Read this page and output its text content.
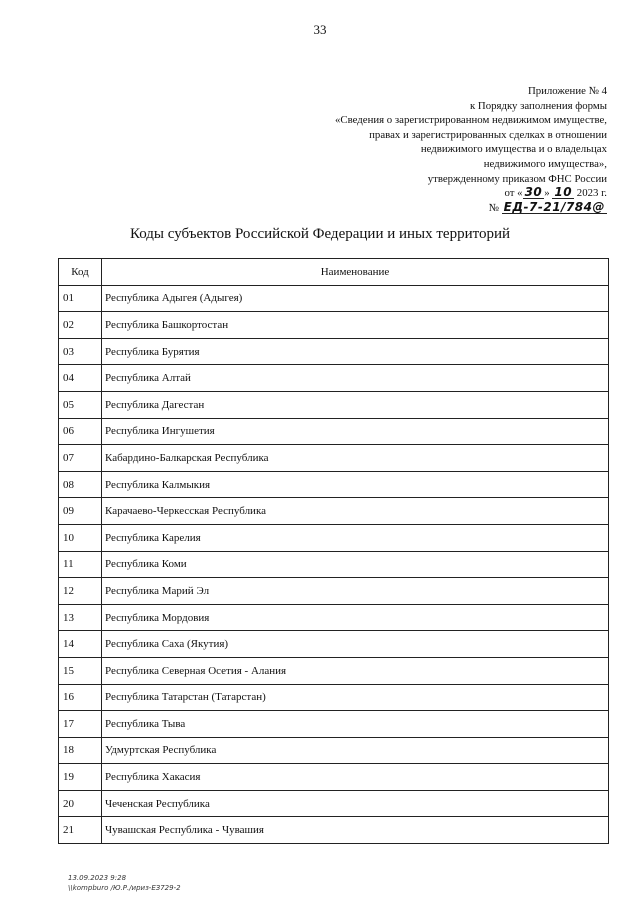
33
Приложение № 4
к Порядку заполнения формы
«Сведения о зарегистрированном недвижимом имуществе,
правах и зарегистрированных сделках в отношении
недвижимого имущества и о владельцах
недвижимого имущества»,
утвержденному приказом ФНС России
от « 30 » 10 2023 г.
№ ЕД-7-21/784@
Коды субъектов Российской Федерации и иных территорий
Код	Наименование
01	Республика Адыгея (Адыгея)
02	Республика Башкортостан
03	Республика Бурятия
04	Республика Алтай
05	Республика Дагестан
06	Республика Ингушетия
07	Кабардино-Балкарская Республика
08	Республика Калмыкия
09	Карачаево-Черкесская Республика
10	Республика Карелия
11	Республика Коми
12	Республика Марий Эл
13	Республика Мордовия
14	Республика Саха (Якутия)
15	Республика Северная Осетия - Алания
16	Республика Татарстан (Татарстан)
17	Республика Тыва
18	Удмуртская Республика
19	Республика Хакасия
20	Чеченская Республика
21	Чувашская Республика - Чувашия
13.09.2023 9:28
\\kompburo /Ю.Р./ириз-ЕЗ729-2
